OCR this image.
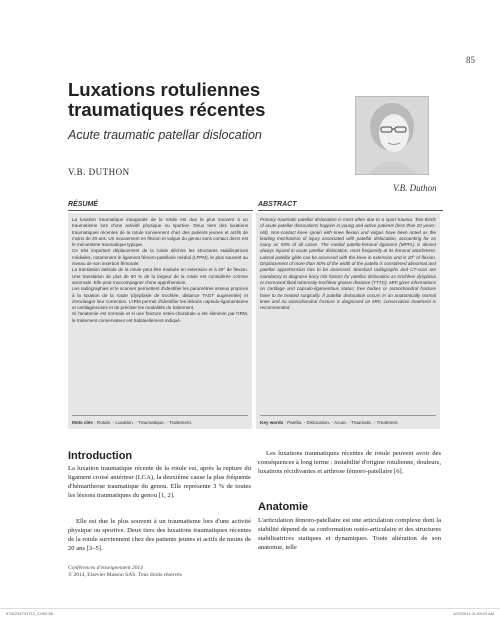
85
Luxations rotuliennes traumatiques récentes
Acute traumatic patellar dislocation
V.B. DUTHON
V.B. Duthon
RÉSUMÉ	ABSTRACT

La luxation traumatique inaugurale de la rotule est due le plus souvent à un traumatisme lors d'une activité physique ou sportive. Deux tiers des luxations traumatiques récentes de la rotule surviennent chez des patients jeunes et actifs de moins de 20 ans. Un mouvement en flexion et valgus du genou sans contact direct est le mécanisme traumatique typique.

Ce très important déplacement de la rotule déchire les structures stabilisatrices médiales, notamment le ligament fémoro-patellaire médial (LFPM), le plus souvent au niveau de son insertion fémorale.

La translation latérale de la rotule peut être évaluée en extension et à 20° de flexion. Une translation de plus de 50 % de la largeur de la rotule est considérée comme anormale. Elle peut s'accompagner d'une appréhension.

Les radiographies et le scanner permettent d'identifier les paramètres osseux propices à la luxation de la rotule (dysplasie de trochlée, distance TAGT augmentée) et d'envisager leur correction. L'IRM permet d'identifier les lésions capsulo-ligamentaires et cartilagineuses et de préciser les modalités du traitement.

Si l'anatomie est normale et si une fracture ostéo-chondrale a été éliminée par l'IRM, le traitement conservateur est habituellement indiqué.

Mots clés : Rotule. - Luxation. - Traumatique. - Traitement.

Primary traumatic patellar dislocation is most often due to a sport trauma. Two-thirds of acute patellar dislocations happen in young and active patients (less than 20 years-old). Non-contact knee sprain with knee flexion and valgus have been noted as the leading mechanism of injury associated with patellar dislocation, accounting for as many as 93% of all cases. The medial patello-femoral ligament (MPFL) is almost always injured in acute patellar dislocation, most frequently at its femoral attachment. Lateral patellar glide can be assessed with the knee in extension and in 20° of flexion. Displacement of more than 50% of the width of the patella is considered abnormal and patellar apprehension has to be assessed. Standard radiographs and CT-scan are mandatory to diagnose bony risk factors for patellar dislocation as trochlear dysplasia or increased tibial tuberosity-trochlear groove distance (TTTG). MRI gives informations on cartilage and capsulo-ligamentous status; free bodies or osteochondral fracture have to be treated surgically. If patellar dislocation occurs in an anatomically normal knee and no osteochondral fracture is diagnosed on MRI, conservative treatment is recommended.

Key words : Patella. - Dislocation. - Acute. - Traumatic. - Treatment.
Introduction
La luxation traumatique récente de la rotule est, après la rupture du ligament croisé antérieur (LCA), la deuxième cause la plus fréquente d'hémarthrose traumatique du genou. Elle représente 3 % de toutes les lésions traumatiques du genou [1, 2].
Elle est due le plus souvent à un traumatisme lors d'une activité physique ou sportive. Deux tiers des luxations traumatiques récentes de la rotule surviennent chez des patients jeunes et actifs de moins de 20 ans [3–5].
Les luxations traumatiques récentes de rotule peuvent avoir des conséquences à long terme : instabilité d'origine rotulienne, douleurs, luxations récidivantes et arthrose fémoro-patellaire [6].
Anatomie
L'articulation fémoro-patellaire est une articulation complexe dont la stabilité dépend de sa conformation ostéo-articulaire et des structures stabilisatrices statiques et dynamiques. Toute altération de son anatomie, telle
Conférences d'enseignement 2014
© 2014, Elsevier Masson SAS. Tous droits réservés
9782294741712_CH00 85	1/29/2014 11:59:03 AM
